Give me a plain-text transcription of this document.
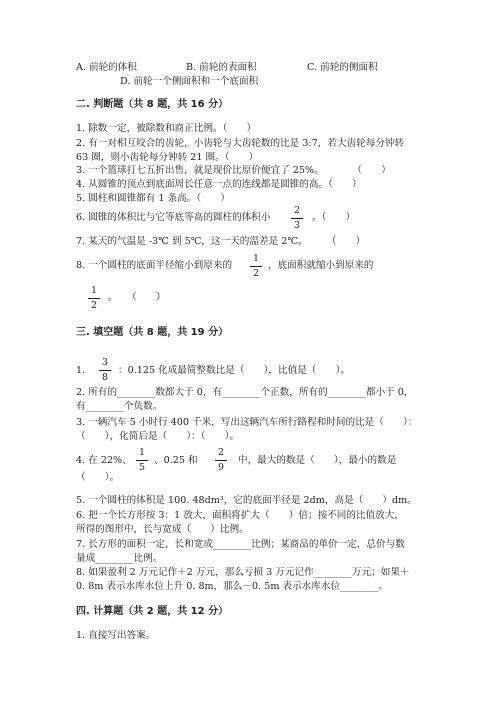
A. 前轮的体积	B. 前轮的表面积	C. 前轮的侧面积
D. 前轮一个侧面积和一个底面积
二. 判断题（共 8 题，共 16 分）
1. 除数一定，被除数和商正比例。（　　）
2. 有一对相互咬合的齿轮，小齿轮与大齿轮数的比是 3:7，若大齿轮每分钟转
63 圈，则小齿轮每分钟转 21 圈。（　　）
3. 一个篮球打七五折出售，就是现价比原价便宜了 25%。　　　　（　　）
4. 从圆锥的顶点到底面周长任意一点的连线都是圆锥的高。（　　）
5. 圆柱和圆锥都有 1 条高。（　　）
6. 圆锥的体积比与它等底等高的圆柱的体积小
2
3
。（　　）
7. 某天的气温是 -3℃ 到 5℃，这一天的温差是 2℃。　　　（　　）
8. 一个圆柱的底面半径缩小到原来的
1
2
，底面积就缩小到原来的
1
2
。　　（　　）
三. 填空题（共 8 题，共 19 分）
1.
3
8
：0.125 化成最简整数比是（　　），比值是（　　）。
2. 所有的________数都大于 0，有________个正数，所有的________都小于 0，
有________个负数。
3. 一辆汽车 5 小时行 400 千米，写出这辆汽车所行路程和时间的比是（　　）：
（　　），化简后是（　　）：（　　）。
4. 在 22%、
1
5
、0.25 和
2
9
中，最大的数是（　　），最小的数是
（　　）。
5. 一个圆柱的体积是 100. 48dm³，它的底面半径是 2dm，高是（　　）dm。
6. 把一个长方形按 3：1 放大，面积将扩大（　　）倍；按不同的比值放大，
所得的图形中，长与宽成（　　）比例。
7. 长方形的面积一定，长和宽成________比例；某商品的单价一定，总价与数
量成________比例。
8. 如果盈利 2 万元记作＋2 万元，那么亏损 3 万元记作________万元；如果＋
0. 8m 表示水库水位上升 0. 8m，那么－0. 5m 表示水库水位________。
四. 计算题（共 2 题，共 12 分）
1. 直接写出答案。
